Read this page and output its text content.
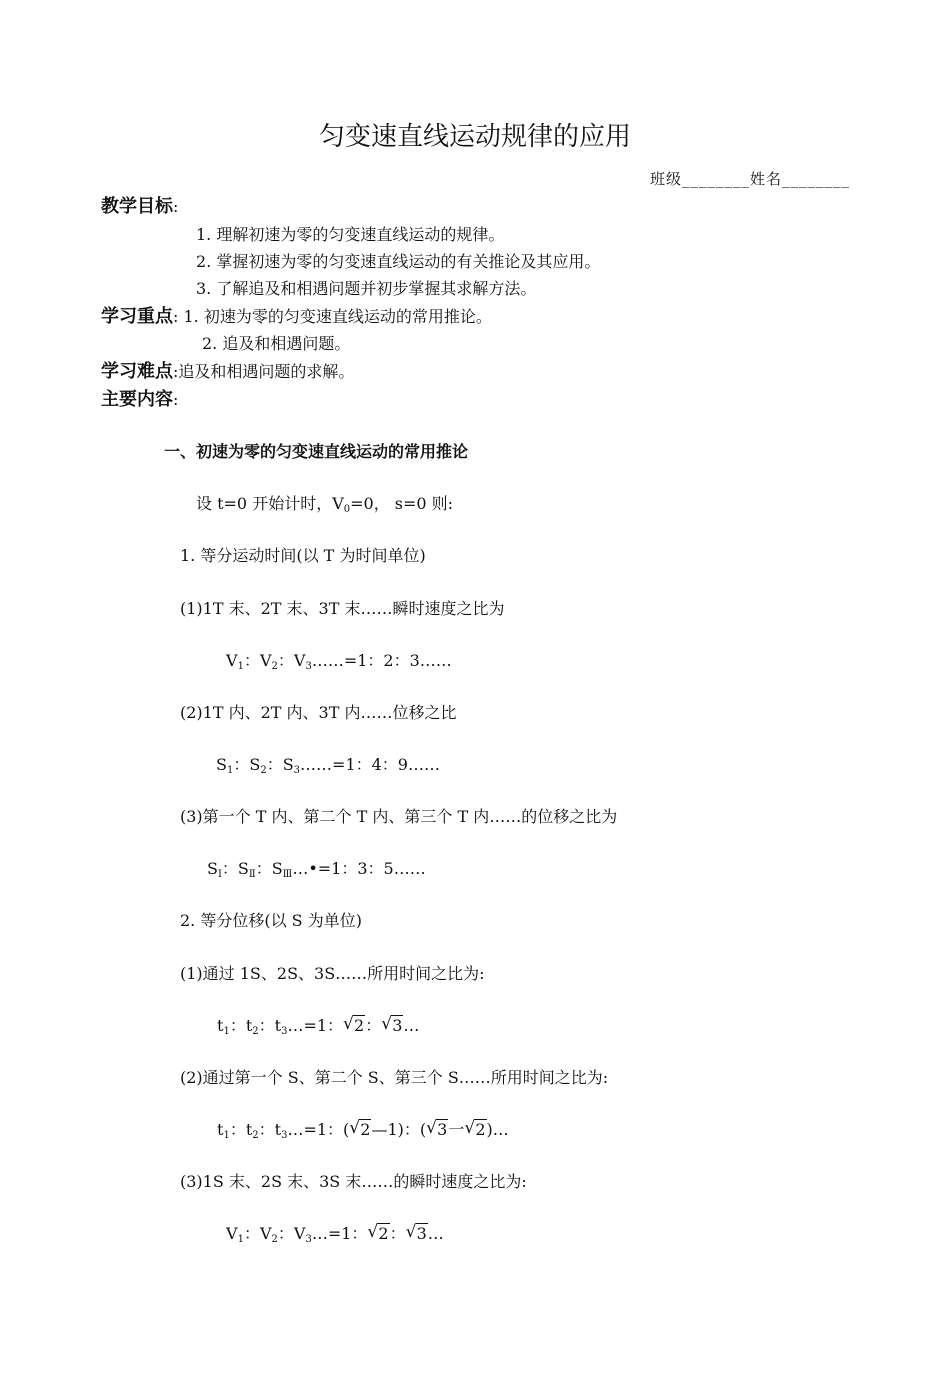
匀变速直线运动规律的应用
班级________姓名________
教学目标:
1. 理解初速为零的匀变速直线运动的规律。
2. 掌握初速为零的匀变速直线运动的有关推论及其应用。
3. 了解追及和相遇问题并初步掌握其求解方法。
学习重点: 1. 初速为零的匀变速直线运动的常用推论。
2. 追及和相遇问题。
学习难点:追及和相遇问题的求解。
主要内容:
一、初速为零的匀变速直线运动的常用推论
设 t=0 开始计时，$V_0=0$， s=0 则:
1. 等分运动时间(以 T 为时间单位)
(1)1T 末、2T 末、3T 末……瞬时速度之比为
$V_1$：$V_2$：$V_3\dots\dots=1$：2：3……
(2)1T 内、2T 内、3T 内……位移之比
$S_1$：$S_2$：$S_3\dots\dots=1$：4：9……
(3)第一个 T 内、第二个 T 内、第三个 T 内……的位移之比为
$S_Ⅰ$：$S_Ⅱ$：$S_Ⅲ\dots•=1$：3：5……
2. 等分位移(以 S 为单位)
(1)通过 1S、2S、3S……所用时间之比为:
$t_1$：$t_2$：$t_3\dots=1$： √ 2： √ 3…
(2)通过第一个 S、第二个 S、第三个 S……所用时间之比为:
$t_1$：$t_2$：$t_3\dots=1$：( √ 2—1)：( √ 3一 √ 2)…
(3)1S 末、2S 末、3S 末……的瞬时速度之比为:
$V_1$：$V_2$：$V_3\dots=1$： √ 2： √ 3…
